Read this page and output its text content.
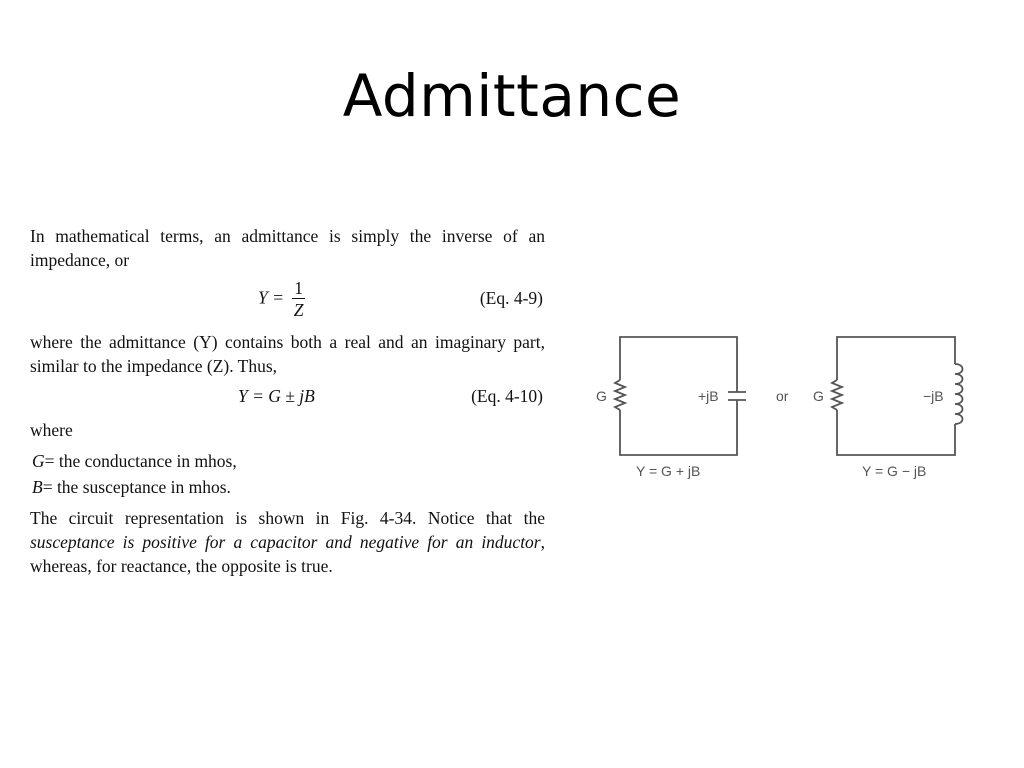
Admittance

In mathematical terms, an admittance is simply the inverse of an impedance, or

$Y = \frac{1}{Z}$	(Eq. 4-9)

where the admittance (Y) contains both a real and an imaginary part, similar to the impedance (Z). Thus,

Y = G ± jB	(Eq. 4-10)

where

G= the conductance in mhos,
B= the susceptance in mhos.

The circuit representation is shown in Fig. 4-34. Notice that the susceptance is positive for a capacitor and negative for an inductor, whereas, for reactance, the opposite is true.

G	+jB	or G	−jB
Y = G + jB	Y = G − jB
